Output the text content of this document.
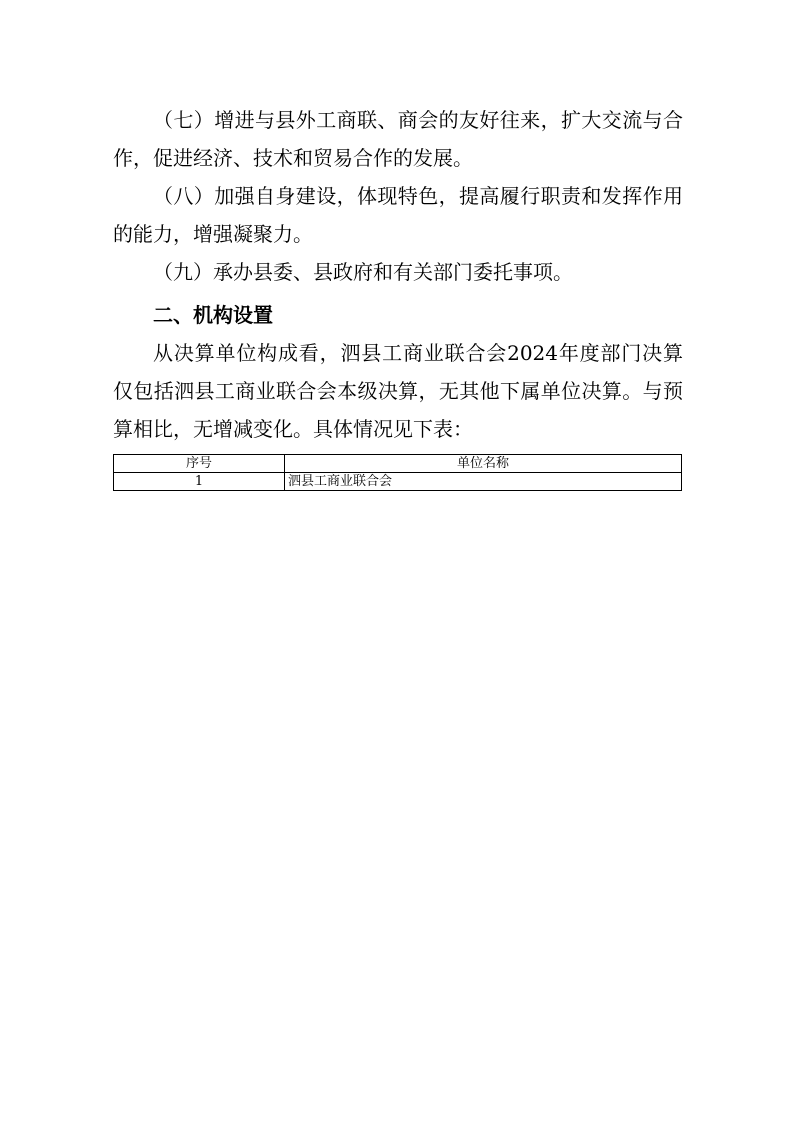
（七）增进与县外工商联、商会的友好往来，扩大交流与合作，促进经济、技术和贸易合作的发展。

（八）加强自身建设，体现特色，提高履行职责和发挥作用的能力，增强凝聚力。

（九）承办县委、县政府和有关部门委托事项。

二、机构设置

从决算单位构成看，泗县工商业联合会2024年度部门决算仅包括泗县工商业联合会本级决算，无其他下属单位决算。与预算相比，无增减变化。具体情况见下表：

序号	单位名称
1	泗县工商业联合会
